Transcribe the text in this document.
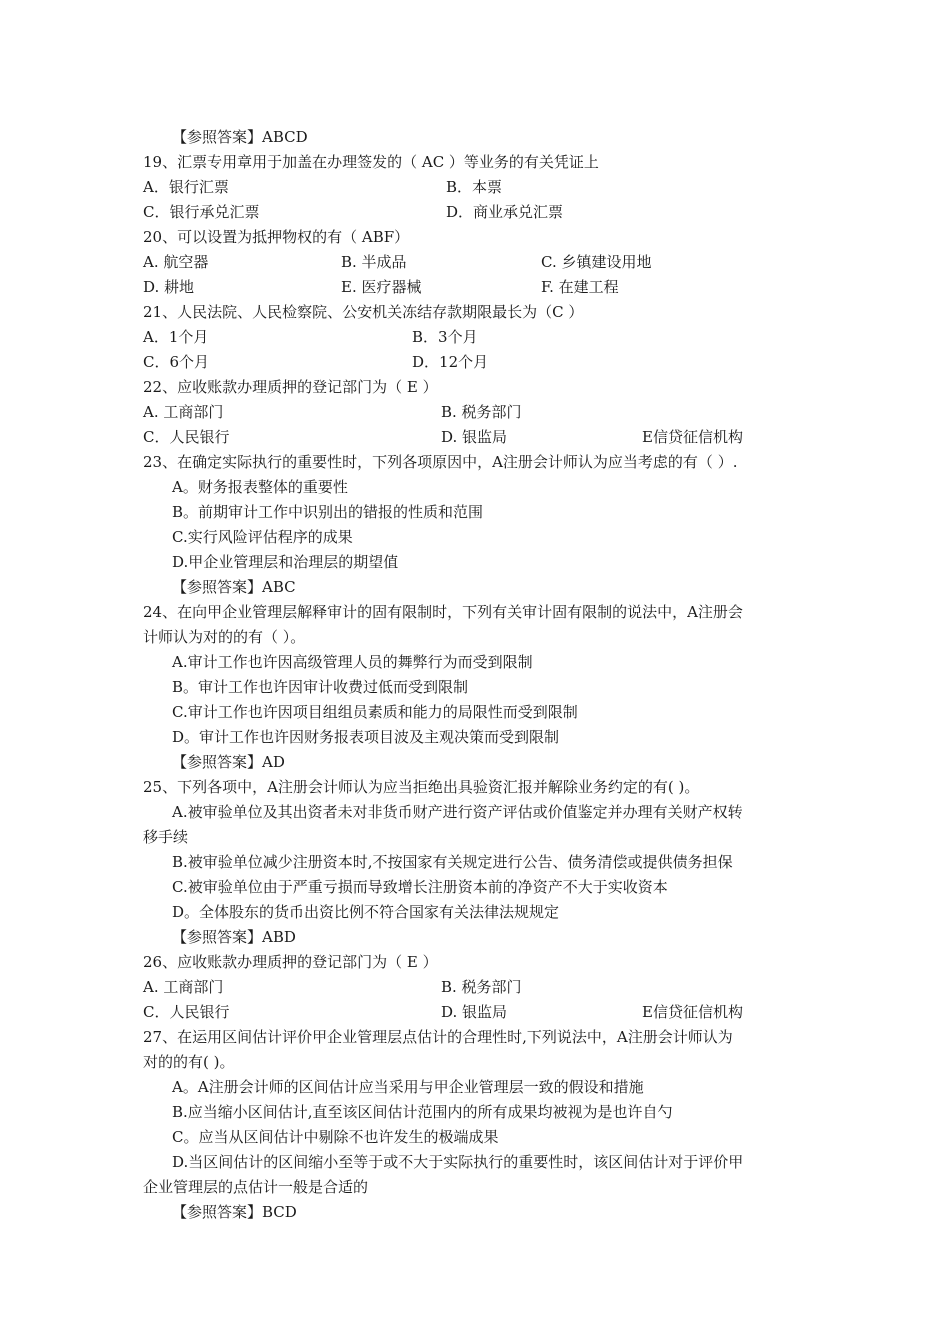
【参照答案】ABCD
19、汇票专用章用于加盖在办理签发的（ AC ）等业务的有关凭证上
A．银行汇票	B．本票
C．银行承兑汇票	D．商业承兑汇票
20、可以设置为抵押物权的有（ ABF）
A. 航空器	B. 半成品	C. 乡镇建设用地
D. 耕地	E. 医疗器械	F. 在建工程
21、人民法院、人民检察院、公安机关冻结存款期限最长为（C ）
A．1个月	B．3个月
C．6个月	D．12个月
22、应收账款办理质押的登记部门为（ E ）
A. 工商部门	B. 税务部门
C．人民银行	D. 银监局	E信贷征信机构
23、在确定实际执行的重要性时，下列各项原因中，A注册会计师认为应当考虑的有（ ）.
A。财务报表整体的重要性
B。前期审计工作中识别出的错报的性质和范围
C.实行风险评估程序的成果
D.甲企业管理层和治理层的期望值
【参照答案】ABC
24、在向甲企业管理层解释审计的固有限制时，下列有关审计固有限制的说法中，A注册会
计师认为对的的有（ ）。
A.审计工作也许因高级管理人员的舞弊行为而受到限制
B。审计工作也许因审计收费过低而受到限制
C.审计工作也许因项目组组员素质和能力的局限性而受到限制
D。审计工作也许因财务报表项目波及主观决策而受到限制
【参照答案】AD
25、下列各项中，A注册会计师认为应当拒绝出具验资汇报并解除业务约定的有( )。
A.被审验单位及其出资者未对非货币财产进行资产评估或价值鉴定并办理有关财产权转
移手续
B.被审验单位减少注册资本时,不按国家有关规定进行公告、债务清偿或提供债务担保
C.被审验单位由于严重亏损而导致增长注册资本前的净资产不大于实收资本
D。全体股东的货币出资比例不符合国家有关法律法规规定
【参照答案】ABD
26、应收账款办理质押的登记部门为（ E ）
A. 工商部门	B. 税务部门
C．人民银行	D. 银监局	E信贷征信机构
27、在运用区间估计评价甲企业管理层点估计的合理性时,下列说法中，A注册会计师认为
对的的有( )。
A。A注册会计师的区间估计应当采用与甲企业管理层一致的假设和措施
B.应当缩小区间估计,直至该区间估计范围内的所有成果均被视为是也许自勺
C。应当从区间估计中剔除不也许发生的极端成果
D.当区间估计的区间缩小至等于或不大于实际执行的重要性时，该区间估计对于评价甲
企业管理层的点估计一般是合适的
【参照答案】BCD
